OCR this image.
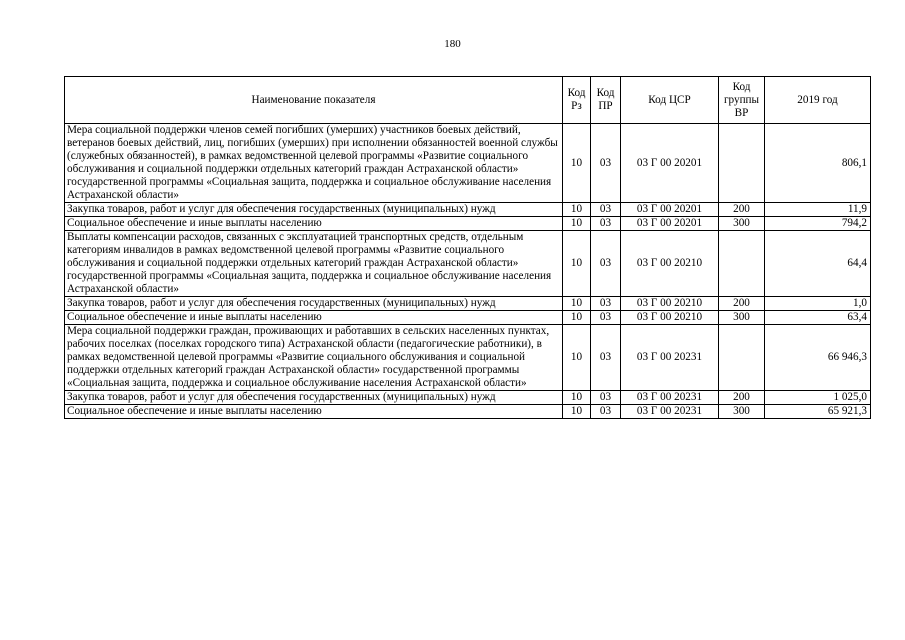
180
Наименование показателя	Код Рз	Код ПР	Код ЦСР	Код группы ВР	2019 год
Мера социальной поддержки членов семей погибших (умерших) участников боевых действий, ветеранов боевых действий, лиц, погибших (умерших) при исполнении обязанностей военной службы (служебных обязанностей), в рамках ведомственной целевой программы «Развитие социального обслуживания и социальной поддержки отдельных категорий граждан Астраханской области» государственной программы «Социальная защита, поддержка и социальное обслуживание населения Астраханской области»	10	03	03 Г 00 20201		806,1
Закупка товаров, работ и услуг для обеспечения государственных (муниципальных) нужд	10	03	03 Г 00 20201	200	11,9
Социальное обеспечение и иные выплаты населению	10	03	03 Г 00 20201	300	794,2
Выплаты компенсации расходов, связанных с эксплуатацией транспортных средств, отдельным категориям инвалидов в рамках ведомственной целевой программы «Развитие социального обслуживания и социальной поддержки отдельных категорий граждан Астраханской области» государственной программы «Социальная защита, поддержка и социальное обслуживание населения Астраханской области»	10	03	03 Г 00 20210		64,4
Закупка товаров, работ и услуг для обеспечения государственных (муниципальных) нужд	10	03	03 Г 00 20210	200	1,0
Социальное обеспечение и иные выплаты населению	10	03	03 Г 00 20210	300	63,4
Мера социальной поддержки граждан, проживающих и работавших в сельских населенных пунктах, рабочих поселках (поселках городского типа) Астраханской области (педагогические работники), в рамках ведомственной целевой программы «Развитие социального обслуживания и социальной поддержки отдельных категорий граждан Астраханской области» государственной программы «Социальная защита, поддержка и социальное обслуживание населения Астраханской области»	10	03	03 Г 00 20231		66 946,3
Закупка товаров, работ и услуг для обеспечения государственных (муниципальных) нужд	10	03	03 Г 00 20231	200	1 025,0
Социальное обеспечение и иные выплаты населению	10	03	03 Г 00 20231	300	65 921,3
